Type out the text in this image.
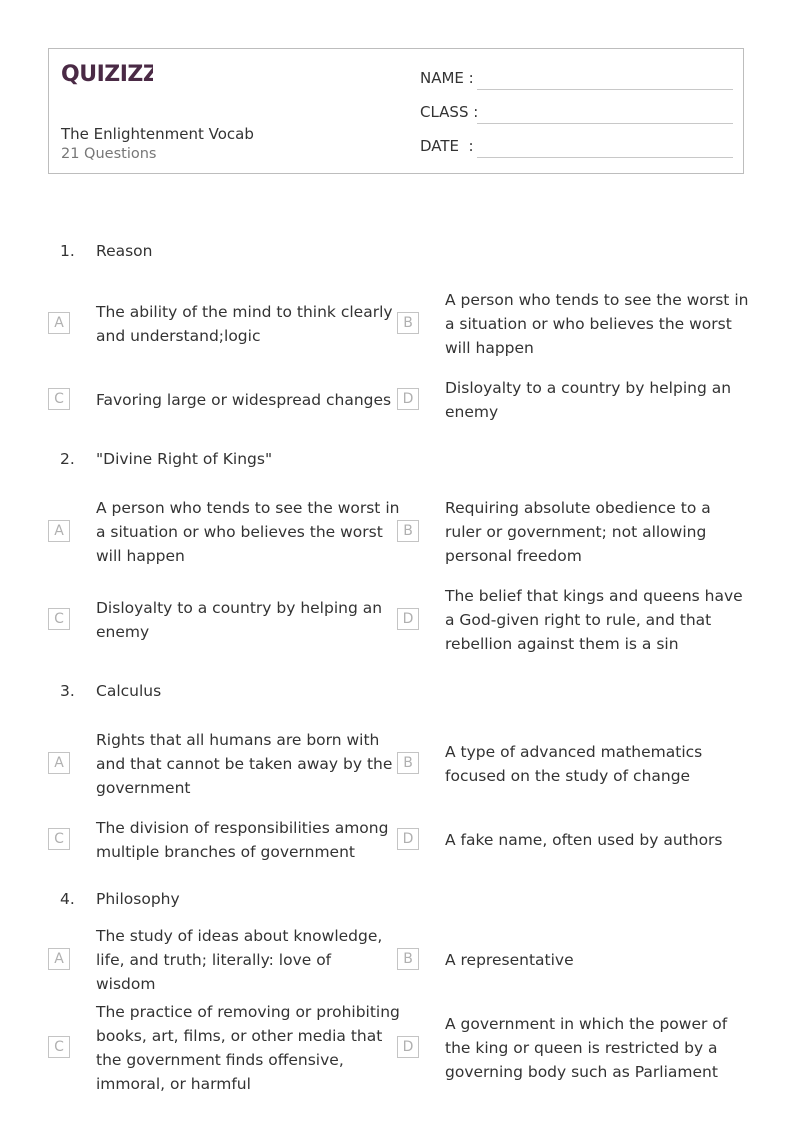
QUIZIZZ
The Enlightenment Vocab
21 Questions
NAME :
CLASS :
DATE  :
1. Reason
A
The ability of the mind to think clearly and understand;logic
B
A person who tends to see the worst in a situation or who believes the worst will happen
C	Favoring large or widespread changes D
Disloyalty to a country by helping an enemy
2. "Divine Right of Kings"
A
A person who tends to see the worst in a situation or who believes the worst will happen
B
Requiring absolute obedience to a ruler or government; not allowing personal freedom
C
Disloyalty to a country by helping an enemy
D
The belief that kings and queens have a God-given right to rule, and that rebellion against them is a sin
3. Calculus
A
Rights that all humans are born with and that cannot be taken away by the government
B
A type of advanced mathematics focused on the study of change
C
The division of responsibilities among multiple branches of government
D	A fake name, often used by authors
4. Philosophy
A
The study of ideas about knowledge, life, and truth; literally: love of wisdom
B	A representative
C
The practice of removing or prohibiting books, art, films, or other media that the government finds offensive, immoral, or harmful
D
A government in which the power of the king or queen is restricted by a governing body such as Parliament
